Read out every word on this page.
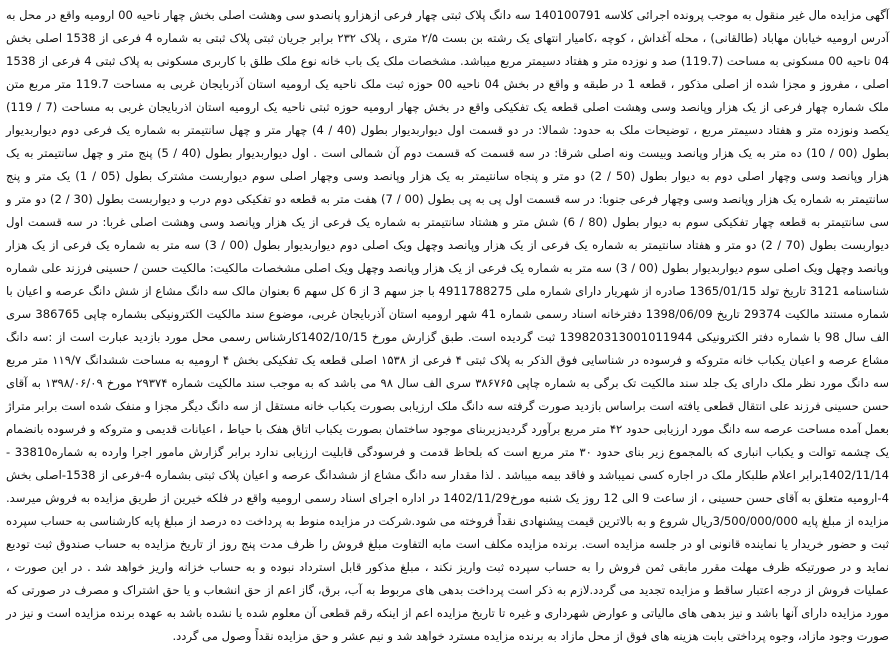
آگهی مزایده مال غیر منقول به موجب پرونده اجرائی کلاسه 140100791 سه دانگ پلاک ثبتی چهار فرعی ازهزارو پانصدو سی وهشت اصلی بخش چهار ناحیه 00 ارومیه واقع در محل به آدرس ارومیه خیابان مهاباد (طالقانی) ، محله آغداش ، کوچه ،کامیار انتهای یک رشته بن بست ۲/۵ متری ، پلاک ۲۳۲ برابر جریان ثبتی پلاک ثبتی به شماره 4 فرعی از 1538 اصلی بخش 04 ناحیه 00 مسکونی به مساحت (119.7) صد و نوزده متر و هفتاد دسیمتر مربع میباشد. مشخصات ملک یک باب خانه نوع ملک طلق با کاربری مسکونی به پلاک ثبتی 4 فرعی از 1538 اصلی ، مفروز و مجزا شده از اصلی مذکور ، قطعه 1 در طبقه و واقع در بخش 04 ناحیه 00 حوزه ثبت ملک ناحیه یک ارومیه استان آذربایجان غربی به مساحت 119.7 متر مربع متن ملک شماره چهار فرعی از یک هزار وپانصد وسی وهشت اصلی قطعه یک تفکیکی واقع در بخش چهار ارومیه حوزه ثبتی ناحیه یک ارومیه استان اذربایجان غربی به مساحت (7 / 119) یکصد ونوزده متر و هفتاد دسیمتر مربع ، توضیحات ملک به حدود: شمالا: در دو قسمت اول دیواربدیوار بطول (40 / 4) چهار متر و چهل سانتیمتر به شماره یک فرعی دوم دیواربدیوار بطول (00 / 10) ده متر به یک هزار وپانصد وبیست ونه اصلی شرقا: در سه قسمت که قسمت دوم آن شمالی است . اول دیواربدیوار بطول (40 / 5) پنج متر و چهل سانتیمتر به یک هزار وپانصد وسی وچهار اصلی دوم به دیوار بطول (50 / 2) دو متر و پنجاه سانتیمتر به یک هزار وپانصد وسی وچهار اصلی سوم دیواربست مشترک بطول (05 / 1) یک متر و پنج سانتیمتر به شماره یک هزار وپانصد وسی وچهار فرعی جنوبا: در سه قسمت اول پی به پی بطول (00 / 7) هفت متر به قطعه دو تفکیکی دوم درب و دیواربست بطول (30 / 2) دو متر و سی سانتیمتر به قطعه چهار تفکیکی سوم به دیوار بطول (80 / 6) شش متر و هشتاد سانتیمتر به شماره یک فرعی از یک هزار وپانصد وسی وهشت اصلی غربا: در سه قسمت اول دیواربست بطول (70 / 2) دو متر و هفتاد سانتیمتر به شماره یک فرعی از یک هزار وپانصد وچهل ویک اصلی دوم دیواربدیوار بطول (00 / 3) سه متر به شماره یک فرعی از یک هزار وپانصد وچهل ویک اصلی سوم دیواربدیوار بطول (00 / 3) سه متر به شماره یک فرعی از یک هزار وپانصد وچهل ویک اصلی مشخصات مالکیت: مالکیت حسن / حسینی فرزند علی شماره شناسنامه 3121 تاریخ تولد 1365/01/15 صادره از شهریار دارای شماره ملی 4911788275 با جز سهم 3 از 6 کل سهم 6 بعنوان مالک سه دانگ مشاع از شش دانگ عرصه و اعیان با شماره مستند مالکیت 29374 تاریخ 1398/06/09 دفترخانه اسناد رسمی شماره 41 شهر ارومیه استان آذربایجان غربی، موضوع سند مالکیت الکترونیکی بشماره چاپی 386765 سری الف سال 98 با شماره دفتر الکترونیکی 139820313001011944 ثبت گردیده است. طبق گزارش مورخ 1402/10/15کارشناس رسمی محل مورد بازدید عبارت است از :سه دانگ مشاع عرصه و اعیان یکباب خانه متروکه و فرسوده در شناسایی فوق الذکر به پلاک ثبتی ۴ فرعی از ۱۵۳۸ اصلی قطعه یک تفکیکی بخش ۴ ارومیه به مساحت ششدانگ ۱۱۹/۷ متر مربع سه دانگ مورد نظر ملک دارای یک جلد سند مالکیت تک برگی به شماره چاپی ۳۸۶۷۶۵ سری الف سال ۹۸ می باشد که به موجب سند مالکیت شماره ۲۹۳۷۴ مورخ ۱۳۹۸/۰۶/۰۹ به آقای حسن حسینی فرزند علی انتقال قطعی یافته است براساس بازدید صورت گرفته سه دانگ ملک ارزیابی بصورت یکباب خانه مستقل از سه دانگ دیگر مجزا و منفک شده است برابر متراژ بعمل آمده مساحت عرصه سه دانگ مورد ارزیابی حدود ۴۲ متر مربع برآورد گردیدزیربنای موجود ساختمان بصورت یکباب اتاق هفک با حیاط ، اعیانات قدیمی و متروکه و فرسوده بانضمام یک چشمه توالت و یکباب انباری که بالمجموع زیر بنای حدود ۳۰ متر مربع است که بلحاظ قدمت و فرسودگی قابلیت ارزیابی ندارد برابر گزارش مامور اجرا وارده به شماره33810 - 1402/11/14برابر اعلام طلبکار ملک در اجاره کسی نمیباشد و فاقد بیمه میباشد . لذا مقدار سه دانگ مشاع از ششدانگ عرصه و اعیان پلاک ثبتی بشماره 4-فرعی از 1538-اصلی بخش 4-ارومیه متعلق به آقای حسن حسینی ، از ساعت 9 الی 12 روز یک شنبه مورخ1402/11/29 در اداره اجرای اسناد رسمی ارومیه واقع در فلکه خیرین از طریق مزایده به فروش میرسد. مزایده از مبلغ پایه 3/500/000/000ریال شروع و به بالاترین قیمت پیشنهادی نقداً فروخته می شود.شرکت در مزایده منوط به پرداخت ده درصد از مبلغ پایه کارشناسی به حساب سپرده ثبت و حضور خریدار یا نماینده قانونی او در جلسه مزایده است. برنده مزایده مکلف است مابه التفاوت مبلغ فروش را ظرف مدت پنج روز از تاریخ مزایده به حساب صندوق ثبت تودیع نماید و در صورتیکه ظرف مهلت مقرر مابقی ثمن فروش را به حساب سپرده ثبت واریز نکند ، مبلغ مذکور قابل استرداد نبوده و به حساب خزانه واریز خواهد شد . در این صورت ، عملیات فروش از درجه اعتبار ساقط و مزایده تجدید می گردد.لازم به ذکر است پرداخت بدهی های مربوط به آب، برق، گاز اعم از حق انشعاب و یا حق اشتراک و مصرف در صورتی که مورد مزایده دارای آنها باشد و نیز بدهی های مالیاتی و عوارض شهرداری و غیره تا تاریخ مزایده اعم از اینکه رقم قطعی آن معلوم شده یا نشده باشد به عهده برنده مزایده است و نیز در صورت وجود مازاد، وجوه پرداختی بابت هزینه های فوق از محل مازاد به برنده مزایده مسترد خواهد شد و نیم عشر و حق مزایده نقداً وصول می گردد.
